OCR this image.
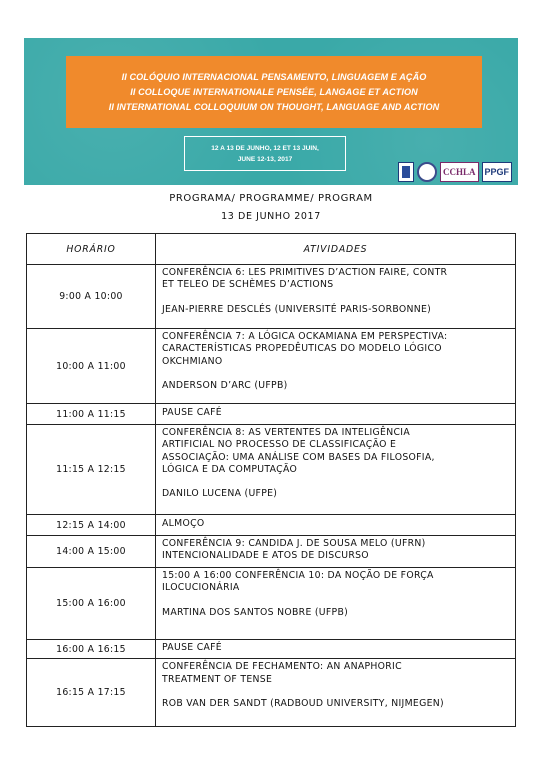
II COLÓQUIO INTERNACIONAL PENSAMENTO, LINGUAGEM E AÇÃO
II COLLOQUE INTERNATIONALE PENSÉE, LANGAGE ET ACTION
II INTERNATIONAL COLLOQUIUM ON THOUGHT, LANGUAGE AND ACTION
12 A 13 DE JUNHO, 12 ET 13 JUIN,
JUNE 12-13, 2017
CCHLA PPGF
PROGRAMA/ PROGRAMME/ PROGRAM
13 DE JUNHO 2017
HORÁRIO	ATIVIDADES
9:00 A 10:00	CONFERÊNCIA 6: LES PRIMITIVES D’ACTION FAIRE, CONTR
ET TELEO DE SCHÈMES D’ACTIONS
JEAN-PIERRE DESCLÉS (UNIVERSITÉ PARIS-SORBONNE)

10:00 A 11:00	CONFERÊNCIA 7: A LÓGICA OCKAMIANA EM PERSPECTIVA:
CARACTERÍSTICAS PROPEDÊUTICAS DO MODELO LÓGICO
OKCHMIANO
ANDERSON D’ARC (UFPB)

11:00 A 11:15	PAUSE CAFÉ

11:15 A 12:15	CONFERÊNCIA 8: AS VERTENTES DA INTELIGÊNCIA
ARTIFICIAL NO PROCESSO DE CLASSIFICAÇÃO E
ASSOCIAÇÃO: UMA ANÁLISE COM BASES DA FILOSOFIA,
LÓGICA E DA COMPUTAÇÃO
DANILO LUCENA (UFPE)

12:15 A 14:00	ALMOÇO

14:00 A 15:00	CONFERÊNCIA 9: CANDIDA J. DE SOUSA MELO (UFRN)
INTENCIONALIDADE E ATOS DE DISCURSO

15:00 A 16:00	15:00 A 16:00 CONFERÊNCIA 10: DA NOÇÃO DE FORÇA
ILOCUCIONÁRIA
MARTINA DOS SANTOS NOBRE (UFPB)

16:00 A 16:15	PAUSE CAFÉ

16:15 A 17:15	CONFERÊNCIA DE FECHAMENTO: AN ANAPHORIC
TREATMENT OF TENSE
ROB VAN DER SANDT (RADBOUD UNIVERSITY, NIJMEGEN)
